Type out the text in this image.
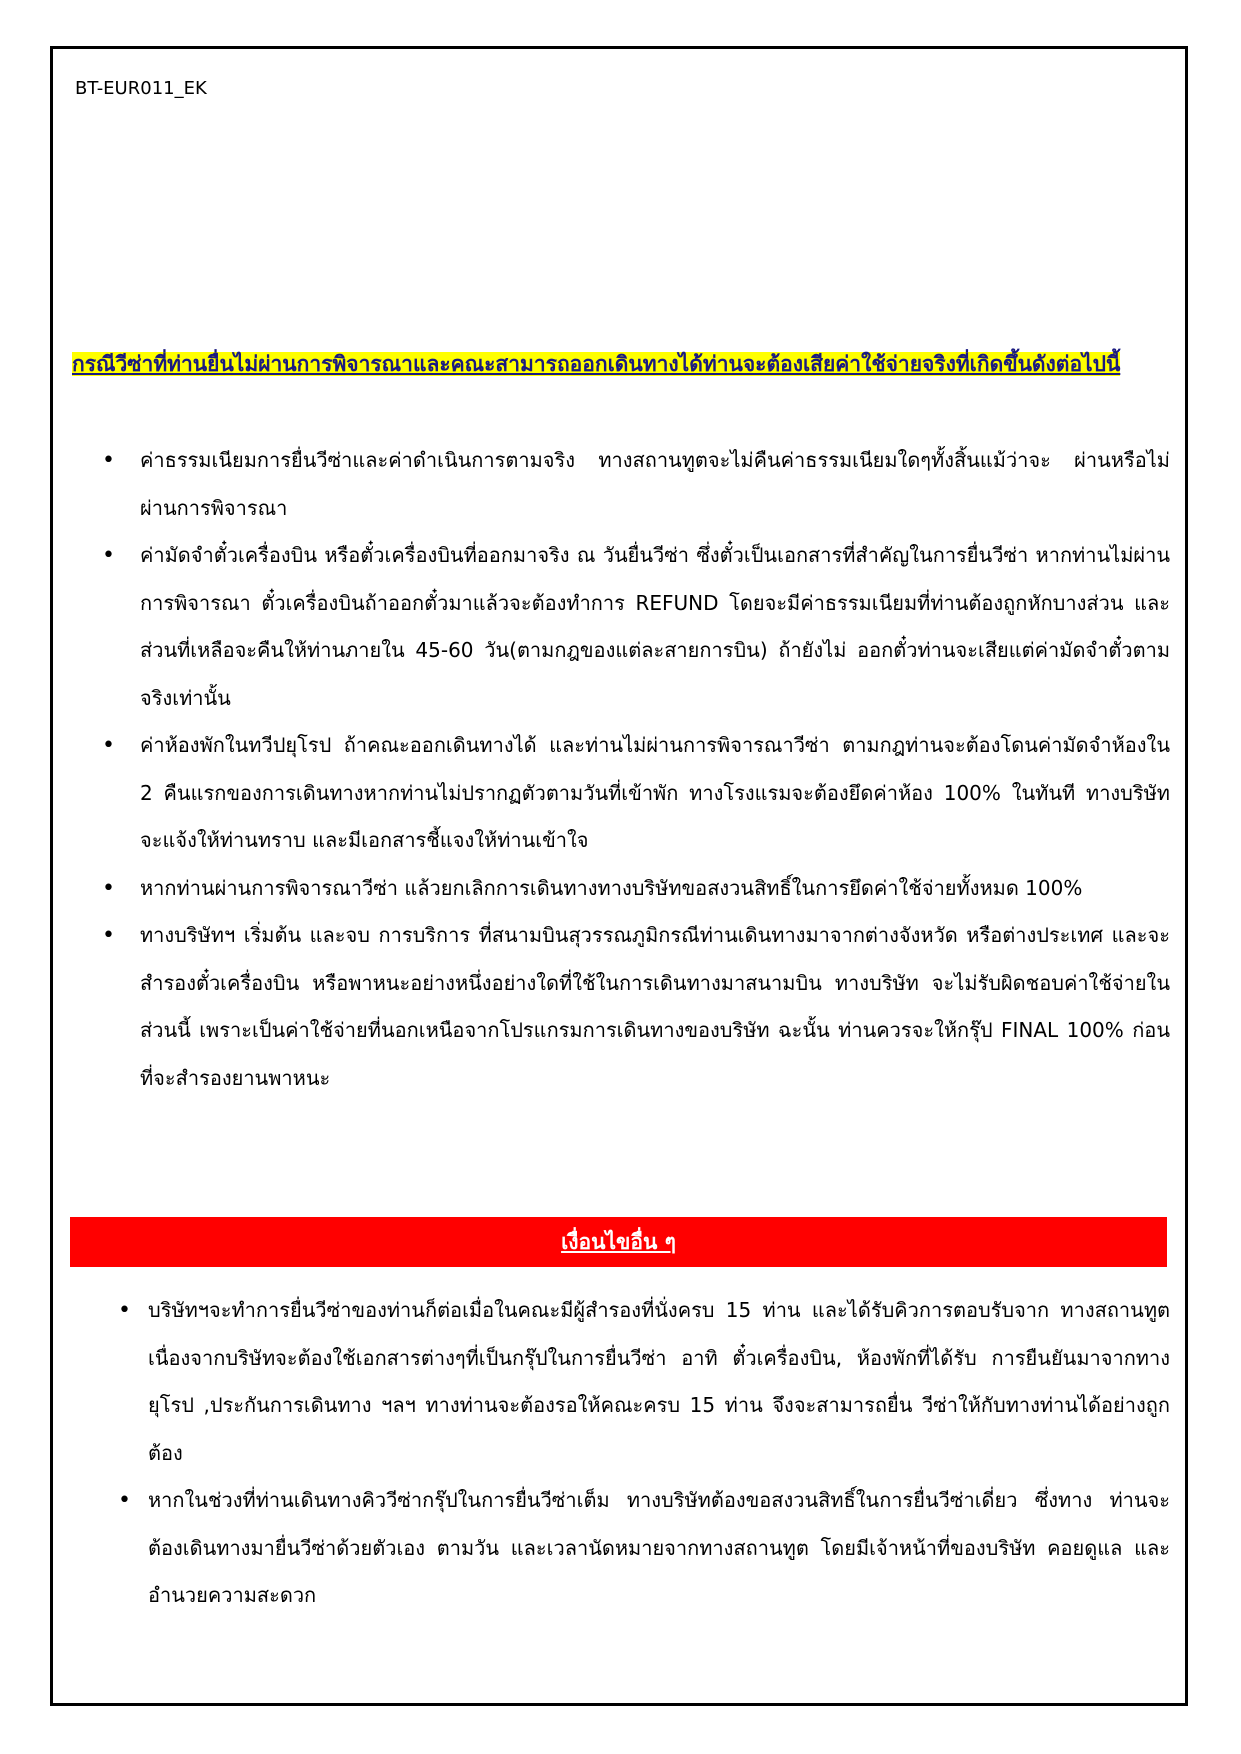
BT-EUR011_EK
กรณีวีซ่าที่ท่านยื่นไม่ผ่านการพิจารณาและคณะสามารถออกเดินทางได้ท่านจะต้องเสียค่าใช้จ่ายจริงที่เกิดขึ้นดังต่อไปนี้
• ค่าธรรมเนียมการยื่นวีซ่าและค่าดำเนินการตามจริง ทางสถานทูตจะไม่คืนค่าธรรมเนียมใดๆทั้งสิ้นแม้ว่าจะ ผ่านหรือไม่ผ่านการพิจารณา
• ค่ามัดจำตั๋วเครื่องบิน หรือตั๋วเครื่องบินที่ออกมาจริง ณ วันยื่นวีซ่า ซึ่งตั๋วเป็นเอกสารที่สำคัญในการยื่นวีซ่า หากท่านไม่ผ่านการพิจารณา ตั๋วเครื่องบินถ้าออกตั๋วมาแล้วจะต้องทำการ REFUND โดยจะมีค่าธรรมเนียมที่ท่านต้องถูกหักบางส่วน และส่วนที่เหลือจะคืนให้ท่านภายใน 45-60 วัน(ตามกฎของแต่ละสายการบิน) ถ้ายังไม่ ออกตั๋วท่านจะเสียแต่ค่ามัดจำตั๋วตามจริงเท่านั้น
• ค่าห้องพักในทวีปยุโรป ถ้าคณะออกเดินทางได้ และท่านไม่ผ่านการพิจารณาวีซ่า ตามกฎท่านจะต้องโดนค่ามัดจำห้องใน 2 คืนแรกของการเดินทางหากท่านไม่ปรากฏตัวตามวันที่เข้าพัก ทางโรงแรมจะต้องยึดค่าห้อง 100% ในทันที ทางบริษัทจะแจ้งให้ท่านทราบ และมีเอกสารชี้แจงให้ท่านเข้าใจ
• หากท่านผ่านการพิจารณาวีซ่า แล้วยกเลิกการเดินทางทางบริษัทขอสงวนสิทธิ์ในการยึดค่าใช้จ่ายทั้งหมด 100%
• ทางบริษัทฯ เริ่มต้น และจบ การบริการ ที่สนามบินสุวรรณภูมิกรณีท่านเดินทางมาจากต่างจังหวัด หรือต่างประเทศ และจะสำรองตั๋วเครื่องบิน หรือพาหนะอย่างหนึ่งอย่างใดที่ใช้ในการเดินทางมาสนามบิน ทางบริษัท จะไม่รับผิดชอบค่าใช้จ่ายในส่วนนี้ เพราะเป็นค่าใช้จ่ายที่นอกเหนือจากโปรแกรมการเดินทางของบริษัท ฉะนั้น ท่านควรจะให้กรุ๊ป FINAL 100% ก่อนที่จะสำรองยานพาหนะ
เงื่อนไขอื่น ๆ
• บริษัทฯจะทำการยื่นวีซ่าของท่านก็ต่อเมื่อในคณะมีผู้สำรองที่นั่งครบ 15 ท่าน และได้รับคิวการตอบรับจาก ทางสถานทูต เนื่องจากบริษัทจะต้องใช้เอกสารต่างๆที่เป็นกรุ๊ปในการยื่นวีซ่า อาทิ ตั๋วเครื่องบิน, ห้องพักที่ได้รับ การยืนยันมาจากทางยุโรป ,ประกันการเดินทาง ฯลฯ ทางท่านจะต้องรอให้คณะครบ 15 ท่าน จึงจะสามารถยื่น วีซ่าให้กับทางท่านได้อย่างถูกต้อง
• หากในช่วงที่ท่านเดินทางคิววีซ่ากรุ๊ปในการยื่นวีซ่าเต็ม ทางบริษัทต้องขอสงวนสิทธิ์ในการยื่นวีซ่าเดี่ยว ซึ่งทาง ท่านจะต้องเดินทางมายื่นวีซ่าด้วยตัวเอง ตามวัน และเวลานัดหมายจากทางสถานทูต โดยมีเจ้าหน้าที่ของบริษัท คอยดูแล และอำนวยความสะดวก
